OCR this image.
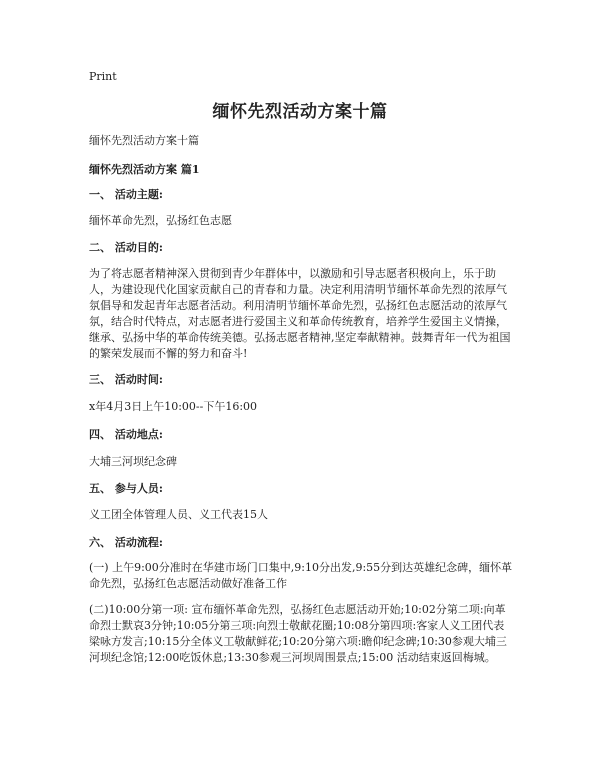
Print
缅怀先烈活动方案十篇
缅怀先烈活动方案十篇
缅怀先烈活动方案 篇1
一、 活动主题:
缅怀革命先烈，弘扬红色志愿
二、 活动目的:
为了将志愿者精神深入贯彻到青少年群体中，以激励和引导志愿者积极向上，乐于助人，为建设现代化国家贡献自己的青春和力量。决定利用清明节缅怀革命先烈的浓厚气氛倡导和发起青年志愿者活动。利用清明节缅怀革命先烈，弘扬红色志愿活动的浓厚气氛，结合时代特点，对志愿者进行爱国主义和革命传统教育，培养学生爱国主义情操，继承、弘扬中华的革命传统美德。弘扬志愿者精神,坚定奉献精神。鼓舞青年一代为祖国的繁荣发展而不懈的努力和奋斗!
三、 活动时间:
x年4月3日上午10:00--下午16:00
四、 活动地点:
大埔三河坝纪念碑
五、 参与人员:
义工团全体管理人员、义工代表15人
六、 活动流程:
(一) 上午9:00分准时在华建市场门口集中,9:10分出发,9:55分到达英雄纪念碑，缅怀革命先烈，弘扬红色志愿活动做好准备工作
(二)10:00分第一项: 宣布缅怀革命先烈，弘扬红色志愿活动开始;10:02分第二项:向革命烈士默哀3分钟;10:05分第三项:向烈士敬献花圈;10:08分第四项:客家人义工团代表梁咏方发言;10:15分全体义工敬献鲜花;10:20分第六项:瞻仰纪念碑;10:30参观大埔三河坝纪念馆;12:00吃饭休息;13:30参观三河坝周围景点;15:00 活动结束返回梅城。
